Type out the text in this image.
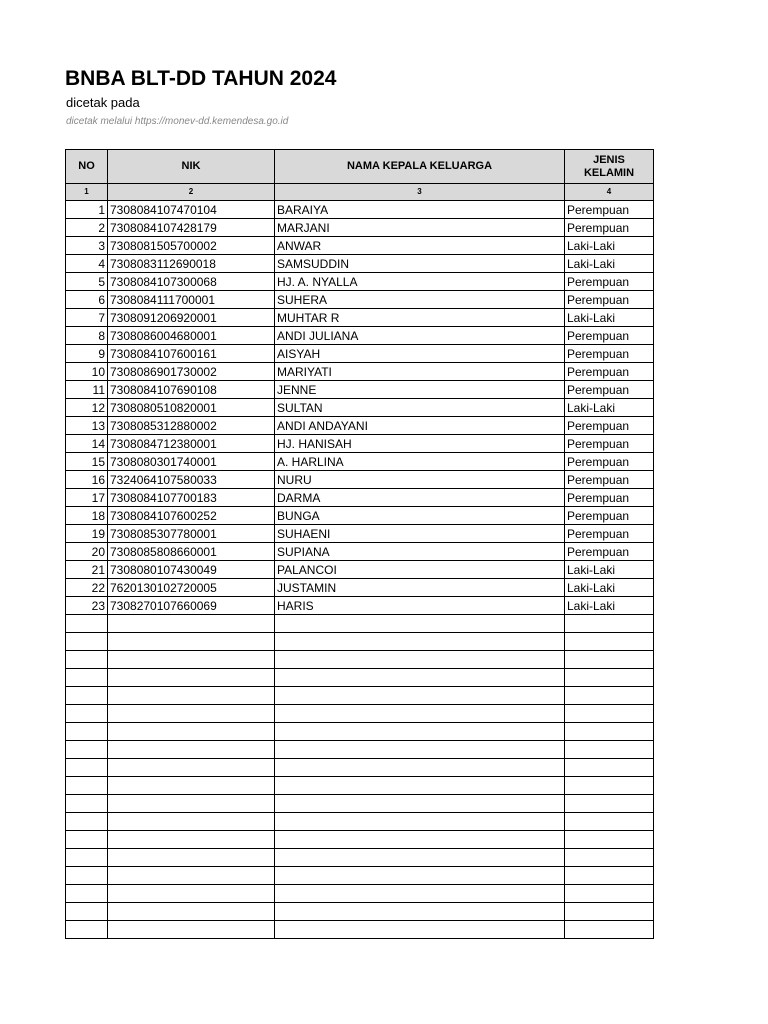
BNBA BLT-DD TAHUN 2024
dicetak pada
dicetak melalui https://monev-dd.kemendesa.go.id
NO	NIK	NAMA KEPALA KELUARGA	JENIS KELAMIN
1	2	3	4
1	7308084107470104	BARAIYA	Perempuan
2	7308084107428179	MARJANI	Perempuan
3	7308081505700002	ANWAR	Laki-Laki
4	7308083112690018	SAMSUDDIN	Laki-Laki
5	7308084107300068	HJ. A. NYALLA	Perempuan
6	7308084111700001	SUHERA	Perempuan
7	7308091206920001	MUHTAR R	Laki-Laki
8	7308086004680001	ANDI JULIANA	Perempuan
9	7308084107600161	AISYAH	Perempuan
10	7308086901730002	MARIYATI	Perempuan
11	7308084107690108	JENNE	Perempuan
12	7308080510820001	SULTAN	Laki-Laki
13	7308085312880002	ANDI ANDAYANI	Perempuan
14	7308084712380001	HJ. HANISAH	Perempuan
15	7308080301740001	A. HARLINA	Perempuan
16	7324064107580033	NURU	Perempuan
17	7308084107700183	DARMA	Perempuan
18	7308084107600252	BUNGA	Perempuan
19	7308085307780001	SUHAENI	Perempuan
20	7308085808660001	SUPIANA	Perempuan
21	7308080107430049	PALANCOI	Laki-Laki
22	7620130102720005	JUSTAMIN	Laki-Laki
23	7308270107660069	HARIS	Laki-Laki
